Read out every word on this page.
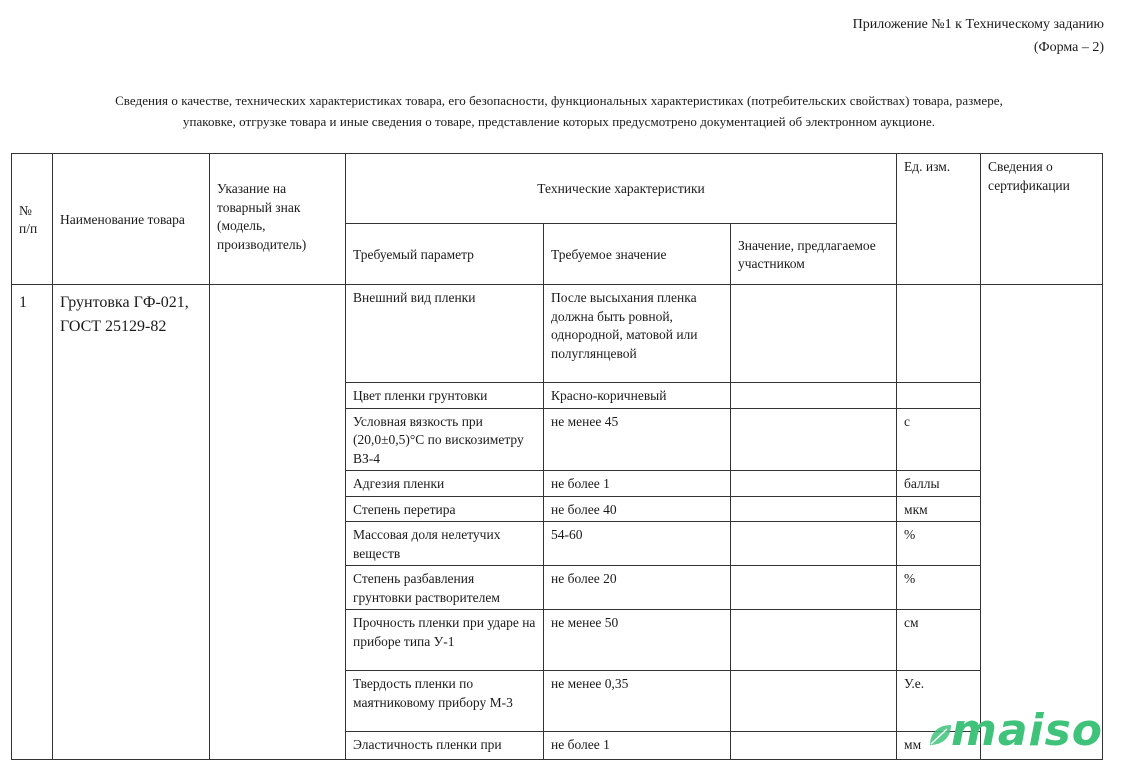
Приложение №1 к Техническому заданию
(Форма – 2)
Сведения о качестве, технических характеристиках товара, его безопасности, функциональных характеристиках (потребительских свойствах) товара, размере,
упаковке, отгрузке товара и иные сведения о товаре, представление которых предусмотрено документацией об электронном аукционе.
№ п/п	Наименование товара	Указание на товарный знак (модель, производитель)	Технические характеристики			Ед. изм.	Сведения о сертификации
			Требуемый параметр	Требуемое значение	Значение, предлагаемое участником		
1	Грунтовка ГФ-021,
ГОСТ 25129-82		Внешний вид пленки	После высыхания пленка должна быть ровной, однородной, матовой или полуглянцевой			
			Цвет пленки грунтовки	Красно-коричневый			
			Условная вязкость при (20,0±0,5)°С по вискозиметру ВЗ-4	не менее 45		с	
			Адгезия пленки	не более 1		баллы	
			Степень перетира	не более 40		мкм	
			Массовая доля нелетучих веществ	54-60		%	
			Степень разбавления грунтовки растворителем	не более 20		%	
			Прочность пленки при ударе на приборе типа У-1	не менее 50		см	
			Твердость пленки по маятниковому прибору М-3	не менее 0,35		У.е.	
			Эластичность пленки при	не более 1		мм	maiso
